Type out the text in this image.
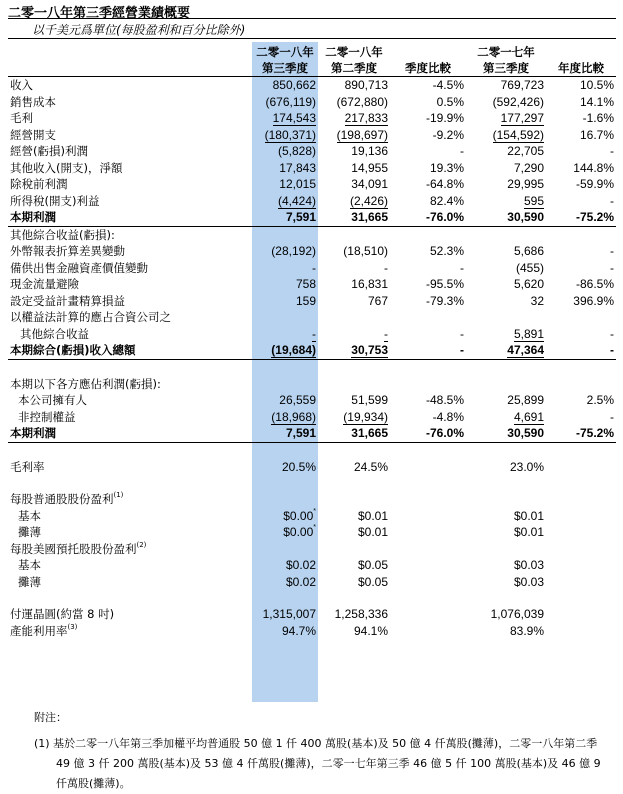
二零一八年第三季經營業績概要
以千美元爲單位(每股盈利和百分比除外)
	二零一八年	二零一八年		二零一七年	
	第三季度	第二季度	季度比較	第三季度	年度比較
收入	850,662	890,713	-4.5%	769,723	10.5%
銷售成本	(676,119)	(672,880)	0.5%	(592,426)	14.1%
毛利	174,543	217,833	-19.9%	177,297	-1.6%
經營開支	(180,371)	(198,697)	-9.2%	(154,592)	16.7%
經營(虧損)利潤	(5,828)	19,136	-	22,705	-
其他收入(開支)，淨額	17,843	14,955	19.3%	7,290	144.8%
除稅前利潤	12,015	34,091	-64.8%	29,995	-59.9%
所得稅(開支)利益	(4,424)	(2,426)	82.4%	595	-
本期利潤	7,591	31,665	-76.0%	30,590	-75.2%
其他綜合收益(虧損):					
外幣報表折算差異變動	(28,192)	(18,510)	52.3%	5,686	-
備供出售金融資產價值變動	-	-	-	(455)	-
現金流量避險	758	16,831	-95.5%	5,620	-86.5%
設定受益計畫精算損益	159	767	-79.3%	32	396.9%
以權益法計算的應占合資公司之					
其他綜合收益	-	-	-	5,891	-
本期綜合(虧損)收入總額	(19,684)	30,753	-	47,364	-

本期以下各方應佔利潤(虧損):					
本公司擁有人	26,559	51,599	-48.5%	25,899	2.5%
非控制權益	(18,968)	(19,934)	-4.8%	4,691	-
本期利潤	7,591	31,665	-76.0%	30,590	-75.2%

毛利率	20.5%	24.5%		23.0%	

每股普通股股份盈利$^{(1)}$					
基本	$0.00*	$0.01		$0.01	
攤薄	$0.00*	$0.01		$0.01	
每股美國預托股股份盈利$^{(2)}$					
基本	$0.02	$0.05		$0.03	
攤薄	$0.02	$0.05		$0.03	

付運晶圓(約當 8 吋)	1,315,007	1,258,336		1,076,039	
產能利用率$^{(3)}$	94.7%	94.1%		83.9%	
附注：
(1) 基於二零一八年第三季加權平均普通股 50 億 1 仟 400 萬股(基本)及 50 億 4 仟萬股(攤薄)，二零一八年第二季 49 億 3 仟 200 萬股(基本)及 53 億 4 仟萬股(攤薄)，二零一七年第三季 46 億 5 仟 100 萬股(基本)及 46 億 9 仟萬股(攤薄)。
